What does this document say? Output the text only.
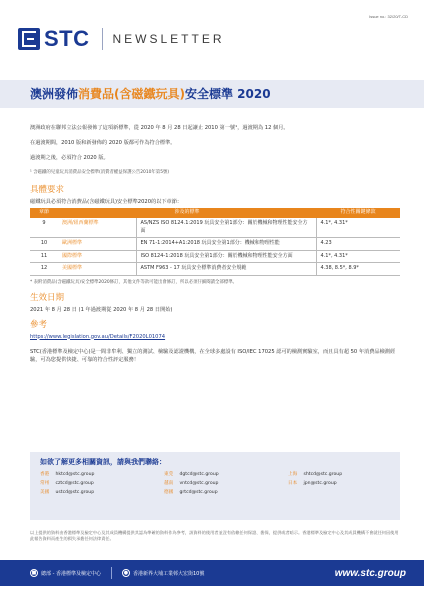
Issue no.: 32/20/T-CD
STC NEWSLETTER
澳洲發佈消費品(含磁鐵玩具)安全標準 2020

澳洲政府在聯邦立法公報發佈了這項新標準，從 2020 年 8 月 28 日起讓止 2010 第一號¹，過渡期為 12 個月。

在過渡期間，2010 版和新發佈的 2020 版都可作為符合標準。

過渡期之後，必須符合 2020 版。

¹ 含磁鐵的兒童玩具消費品安全標準(消費者權益保護公告2010年第5號)

具體要求

磁鐵玩具必須符合消費品(含磁鐵玩具)安全標準2020的以下章節：

章節	涉及的標準		符合性關鍵條款
9	澳洲/紐西蘭標準	AS/NZS ISO 8124.1:2019 玩具安全第1部分：關於機械和物理性能安全方面	4.1*, 4.31*
10	歐洲標準	EN 71-1:2014+A1:2018 玩具安全第1部分：機械和物理性能	4.23
11	國際標準	ISO 8124-1:2018 玩具安全第1部分：關於機械和物理性能安全方面	4.1*, 4.31*
12	美國標準	ASTM F963 - 17 玩具安全標準消費者安全規範	4.38, 8.5*, 8.9*

* 表附消費品(含磁鐵玩具)安全標準2020修訂，其他文件等款可能出會修訂，所以必須仔細閱讀全部標準。

生效日期

2021 年 8 月 28 日 (1 年過渡期從 2020 年 8 月 28 日開始)

參考

https://www.legislation.gov.au/Details/F2020L01074

STC(香港標準及檢定中心)是一間非牟利、獨立的測試、檢驗及認證機構，在全球多處設有 ISO/IEC 17025 認可的檢測實驗室，而且具有超 50 年消費品檢測經驗，可為您提供快捷、可靠的符合性評定服務！

如欲了解更多相關資訊，請與我們聯絡：
香港 hktcd@stc.group	東莞 dgtcd@stc.group	上海 shtcd@stc.group
常州 cztcd@stc.group	越南 vntcd@stc.group	日本 jpn@stc.group
美國 ustcd@stc.group	德國 grtcd@stc.group

以上提供的資料由香港標準及檢定中心及其成員機構提供其認為準確的資料作為參考，該資料的使用者並沒有依賴任何保證、擔保，提供或者暗示。香港標準及檢定中心及其成員機構不會就任何因使用此報告資料而產生的損失承擔任何法律責任。

■ 總部 - 香港標準及檢定中心	● 香港新界大埔工業邨大宏街10號	www.stc.group
